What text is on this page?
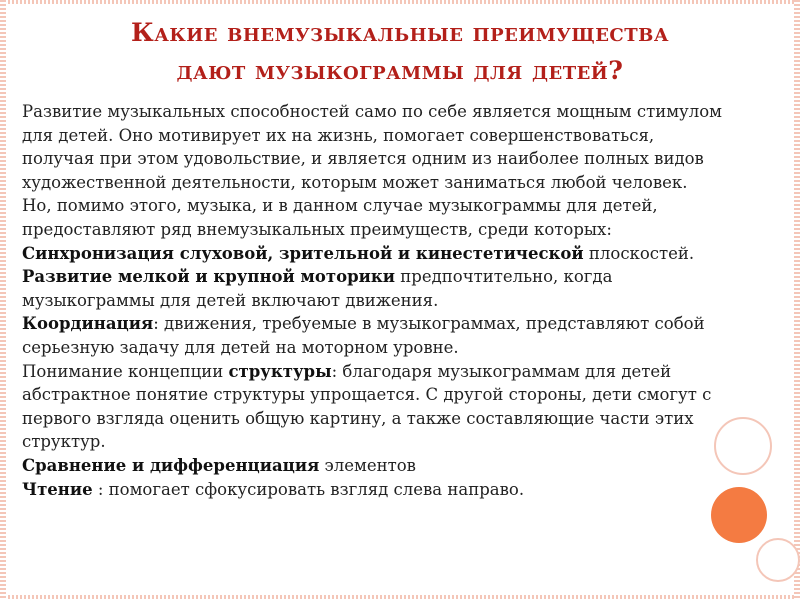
Какие внемузыкальные преимущества
дают музыкограммы для детей?

Развитие музыкальных способностей само по себе является мощным стимулом для детей. Оно мотивирует их на жизнь, помогает совершенствоваться, получая при этом удовольствие, и является одним из наиболее полных видов художественной деятельности, которым может заниматься любой человек. Но, помимо этого, музыка, и в данном случае музыкограммы для детей, предоставляют ряд внемузыкальных преимуществ, среди которых:

Синхронизация слуховой, зрительной и кинестетической плоскостей.

Развитие мелкой и крупной моторики предпочтительно, когда музыкограммы для детей включают движения.

Координация: движения, требуемые в музыкограммах, представляют собой серьезную задачу для детей на моторном уровне.

Понимание концепции структуры: благодаря музыкограммам для детей абстрактное понятие структуры упрощается. С другой стороны, дети смогут с первого взгляда оценить общую картину, а также составляющие части этих структур.

Сравнение и дифференциация элементов

Чтение : помогает сфокусировать взгляд слева направо.
